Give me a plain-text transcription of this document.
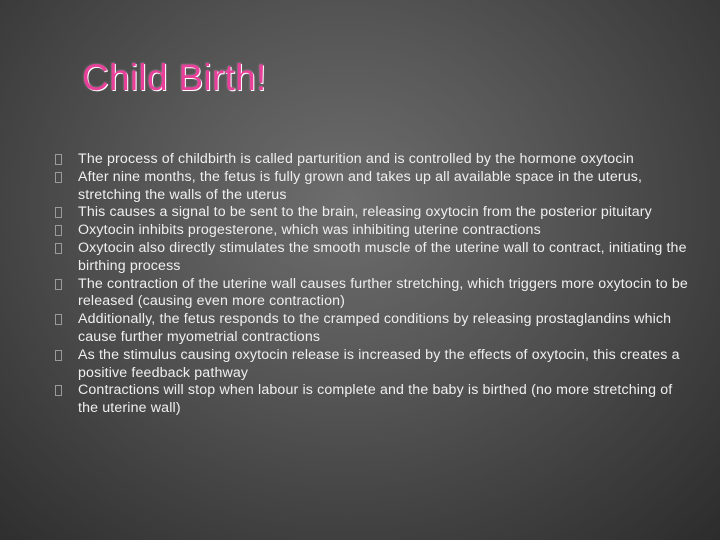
Child Birth!
The process of childbirth is called parturition and is controlled by the hormone oxytocin
After nine months, the fetus is fully grown and takes up all available space in the uterus, stretching the walls of the uterus
This causes a signal to be sent to the brain, releasing oxytocin from the posterior pituitary
Oxytocin inhibits progesterone, which was inhibiting uterine contractions
Oxytocin also directly stimulates the smooth muscle of the uterine wall to contract, initiating the birthing process
The contraction of the uterine wall causes further stretching, which triggers more oxytocin to be released (causing even more contraction)
Additionally, the fetus responds to the cramped conditions by releasing prostaglandins which cause further myometrial contractions
As the stimulus causing oxytocin release is increased by the effects of oxytocin, this creates a positive feedback pathway
Contractions will stop when labour is complete and the baby is birthed (no more stretching of the uterine wall)
